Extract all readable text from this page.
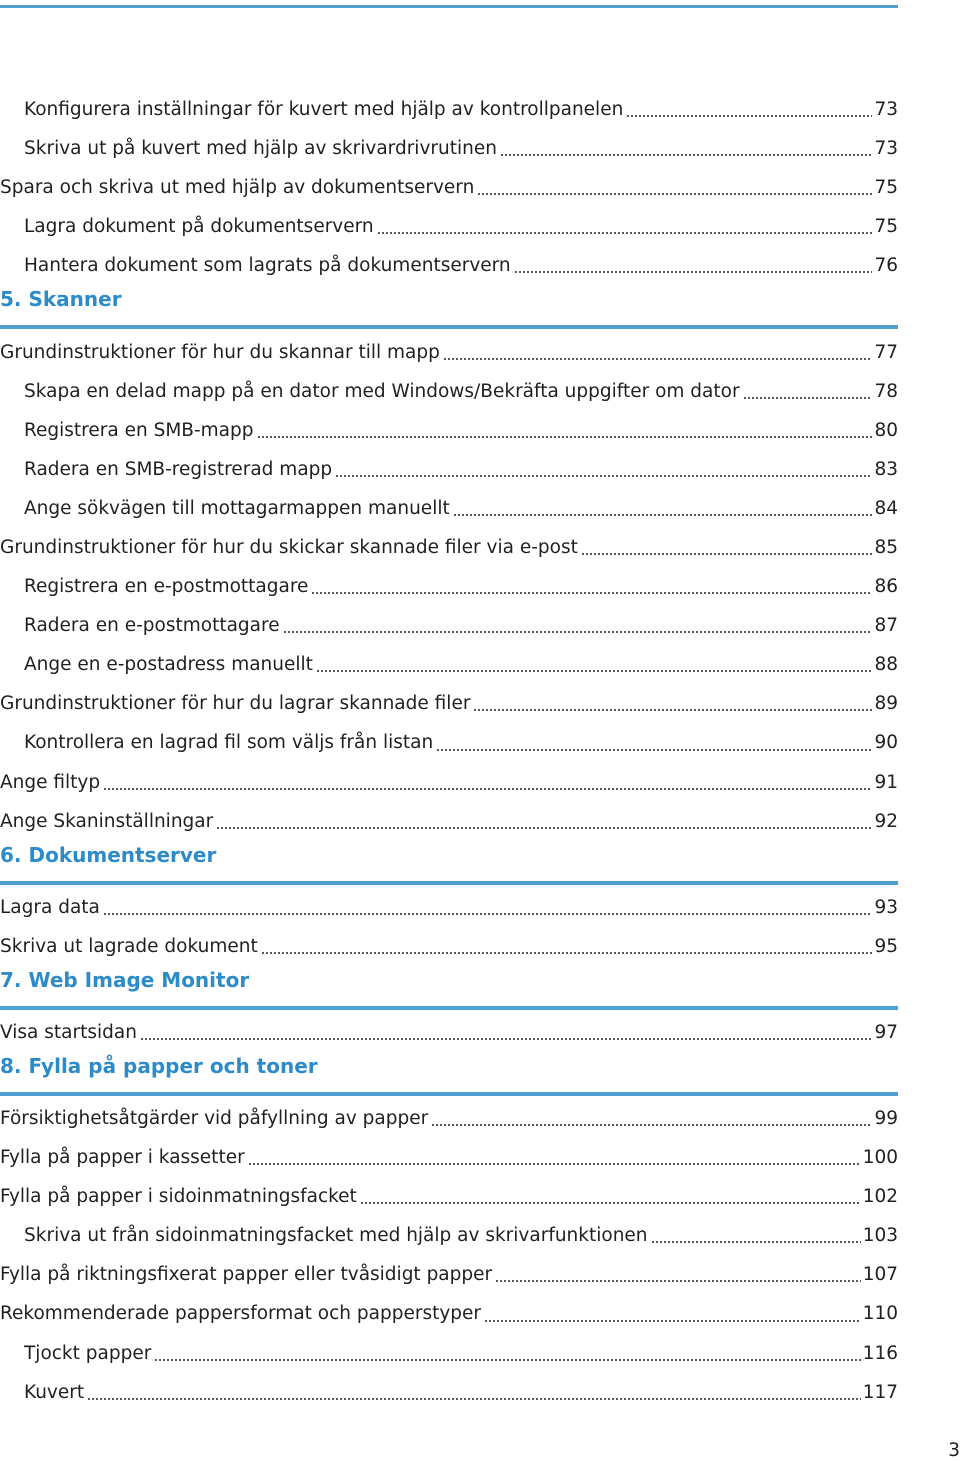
Konfigurera inställningar för kuvert med hjälp av kontrollpanelen	73
Skriva ut på kuvert med hjälp av skrivardrivrutinen	73
Spara och skriva ut med hjälp av dokumentservern	75
Lagra dokument på dokumentservern	75
Hantera dokument som lagrats på dokumentservern	76
5. Skanner
Grundinstruktioner för hur du skannar till mapp	77
Skapa en delad mapp på en dator med Windows/Bekräfta uppgifter om dator	78
Registrera en SMB-mapp	80
Radera en SMB-registrerad mapp	83
Ange sökvägen till mottagarmappen manuellt	84
Grundinstruktioner för hur du skickar skannade filer via e-post	85
Registrera en e-postmottagare	86
Radera en e-postmottagare	87
Ange en e-postadress manuellt	88
Grundinstruktioner för hur du lagrar skannade filer	89
Kontrollera en lagrad fil som väljs från listan	90
Ange filtyp	91
Ange Skaninställningar	92
6. Dokumentserver
Lagra data	93
Skriva ut lagrade dokument	95
7. Web Image Monitor
Visa startsidan	97
8. Fylla på papper och toner
Försiktighetsåtgärder vid påfyllning av papper	99
Fylla på papper i kassetter	100
Fylla på papper i sidoinmatningsfacket	102
Skriva ut från sidoinmatningsfacket med hjälp av skrivarfunktionen	103
Fylla på riktningsfixerat papper eller tvåsidigt papper	107
Rekommenderade pappersformat och papperstyper	110
Tjockt papper	116
Kuvert	117
3
